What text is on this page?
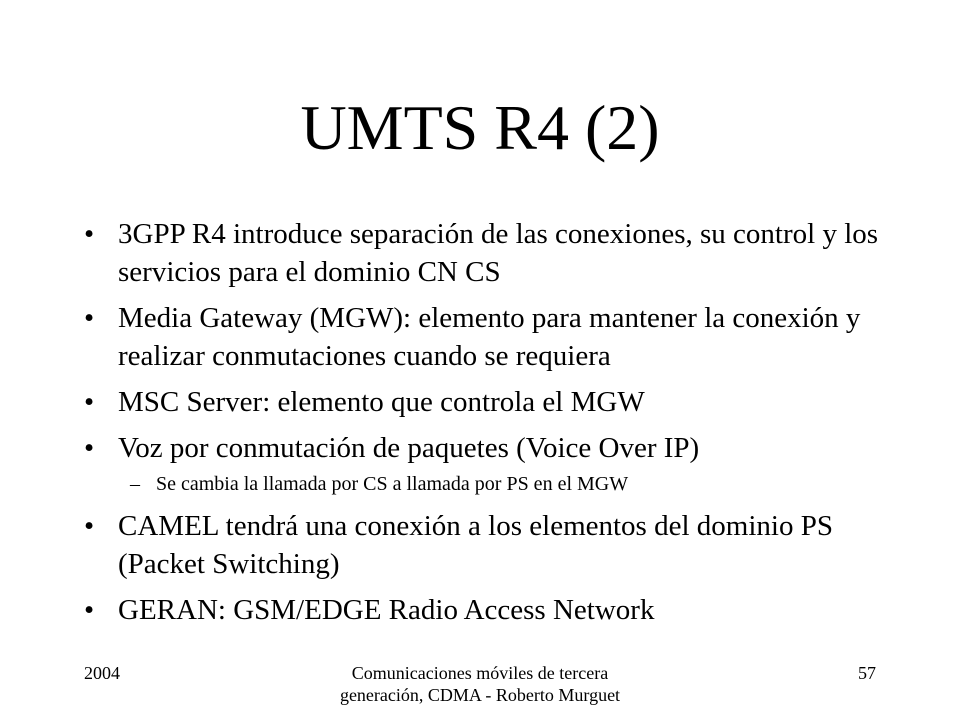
UMTS R4 (2)
• 3GPP R4 introduce separación de las conexiones, su control y los servicios para el dominio CN CS
• Media Gateway (MGW): elemento para mantener la conexión y realizar conmutaciones cuando se requiera
• MSC Server: elemento que controla el MGW
• Voz por conmutación de paquetes (Voice Over IP)
– Se cambia la llamada por CS a llamada por PS en el MGW
• CAMEL tendrá una conexión a los elementos del dominio PS (Packet Switching)
• GERAN: GSM/EDGE Radio Access Network
2004	Comunicaciones móviles de tercera generación, CDMA - Roberto Murguet
57
